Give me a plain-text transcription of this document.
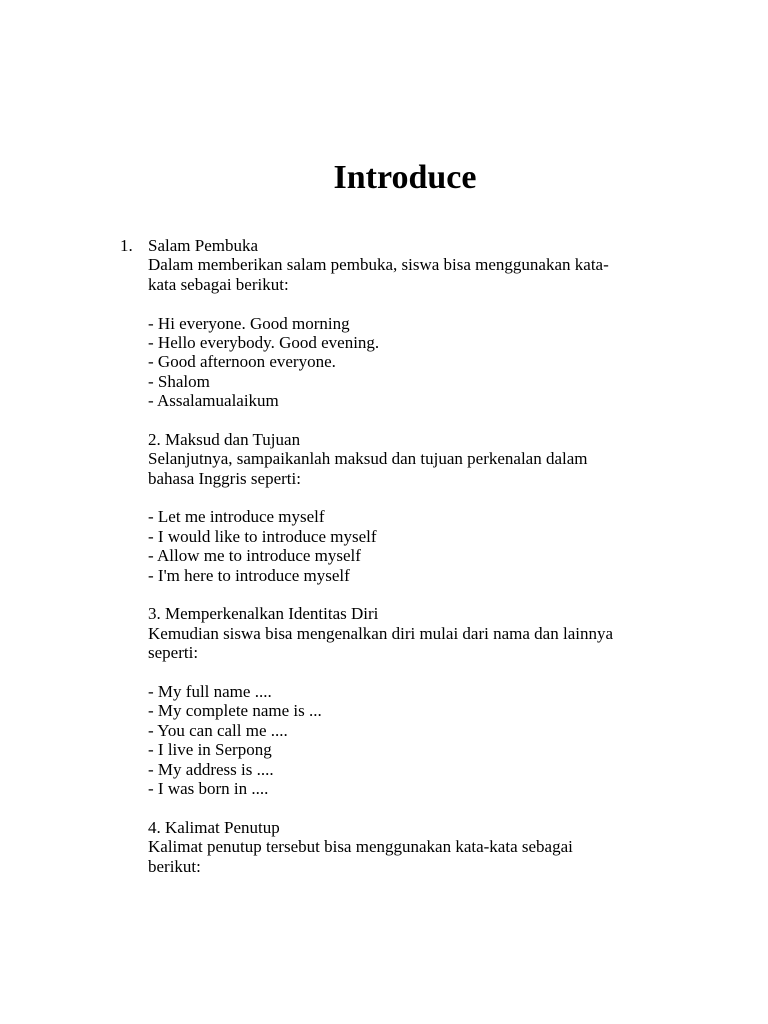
Introduce
1. Salam Pembuka
Dalam memberikan salam pembuka, siswa bisa menggunakan kata-
kata sebagai berikut:
- Hi everyone. Good morning
- Hello everybody. Good evening.
- Good afternoon everyone.
- Shalom
- Assalamualaikum
2. Maksud dan Tujuan
Selanjutnya, sampaikanlah maksud dan tujuan perkenalan dalam
bahasa Inggris seperti:
- Let me introduce myself
- I would like to introduce myself
- Allow me to introduce myself
- I'm here to introduce myself
3. Memperkenalkan Identitas Diri
Kemudian siswa bisa mengenalkan diri mulai dari nama dan lainnya
seperti:
- My full name ....
- My complete name is ...
- You can call me ....
- I live in Serpong
- My address is ....
- I was born in ....
4. Kalimat Penutup
Kalimat penutup tersebut bisa menggunakan kata-kata sebagai
berikut:
